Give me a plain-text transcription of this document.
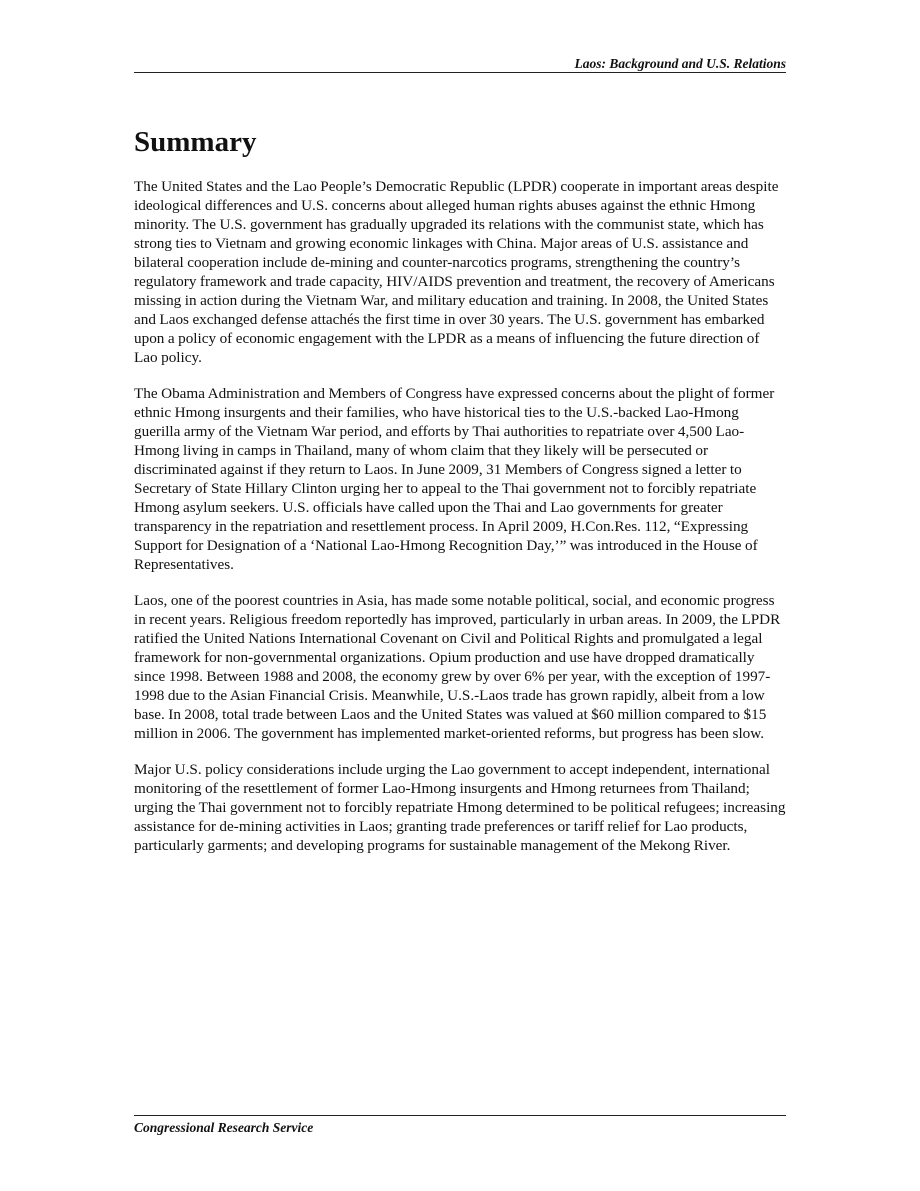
Laos: Background and U.S. Relations
Summary

The United States and the Lao People’s Democratic Republic (LPDR) cooperate in important areas despite ideological differences and U.S. concerns about alleged human rights abuses against the ethnic Hmong minority. The U.S. government has gradually upgraded its relations with the communist state, which has strong ties to Vietnam and growing economic linkages with China. Major areas of U.S. assistance and bilateral cooperation include de-mining and counter-narcotics programs, strengthening the country’s regulatory framework and trade capacity, HIV/AIDS prevention and treatment, the recovery of Americans missing in action during the Vietnam War, and military education and training. In 2008, the United States and Laos exchanged defense attachés the first time in over 30 years. The U.S. government has embarked upon a policy of economic engagement with the LPDR as a means of influencing the future direction of Lao policy.

The Obama Administration and Members of Congress have expressed concerns about the plight of former ethnic Hmong insurgents and their families, who have historical ties to the U.S.-backed Lao-Hmong guerilla army of the Vietnam War period, and efforts by Thai authorities to repatriate over 4,500 Lao-Hmong living in camps in Thailand, many of whom claim that they likely will be persecuted or discriminated against if they return to Laos. In June 2009, 31 Members of Congress signed a letter to Secretary of State Hillary Clinton urging her to appeal to the Thai government not to forcibly repatriate Hmong asylum seekers. U.S. officials have called upon the Thai and Lao governments for greater transparency in the repatriation and resettlement process. In April 2009, H.Con.Res. 112, “Expressing Support for Designation of a ‘National Lao-Hmong Recognition Day,’” was introduced in the House of Representatives.

Laos, one of the poorest countries in Asia, has made some notable political, social, and economic progress in recent years. Religious freedom reportedly has improved, particularly in urban areas. In 2009, the LPDR ratified the United Nations International Covenant on Civil and Political Rights and promulgated a legal framework for non-governmental organizations. Opium production and use have dropped dramatically since 1998. Between 1988 and 2008, the economy grew by over 6% per year, with the exception of 1997-1998 due to the Asian Financial Crisis. Meanwhile, U.S.-Laos trade has grown rapidly, albeit from a low base. In 2008, total trade between Laos and the United States was valued at $60 million compared to $15 million in 2006. The government has implemented market-oriented reforms, but progress has been slow.

Major U.S. policy considerations include urging the Lao government to accept independent, international monitoring of the resettlement of former Lao-Hmong insurgents and Hmong returnees from Thailand; urging the Thai government not to forcibly repatriate Hmong determined to be political refugees; increasing assistance for de-mining activities in Laos; granting trade preferences or tariff relief for Lao products, particularly garments; and developing programs for sustainable management of the Mekong River.

Congressional Research Service
